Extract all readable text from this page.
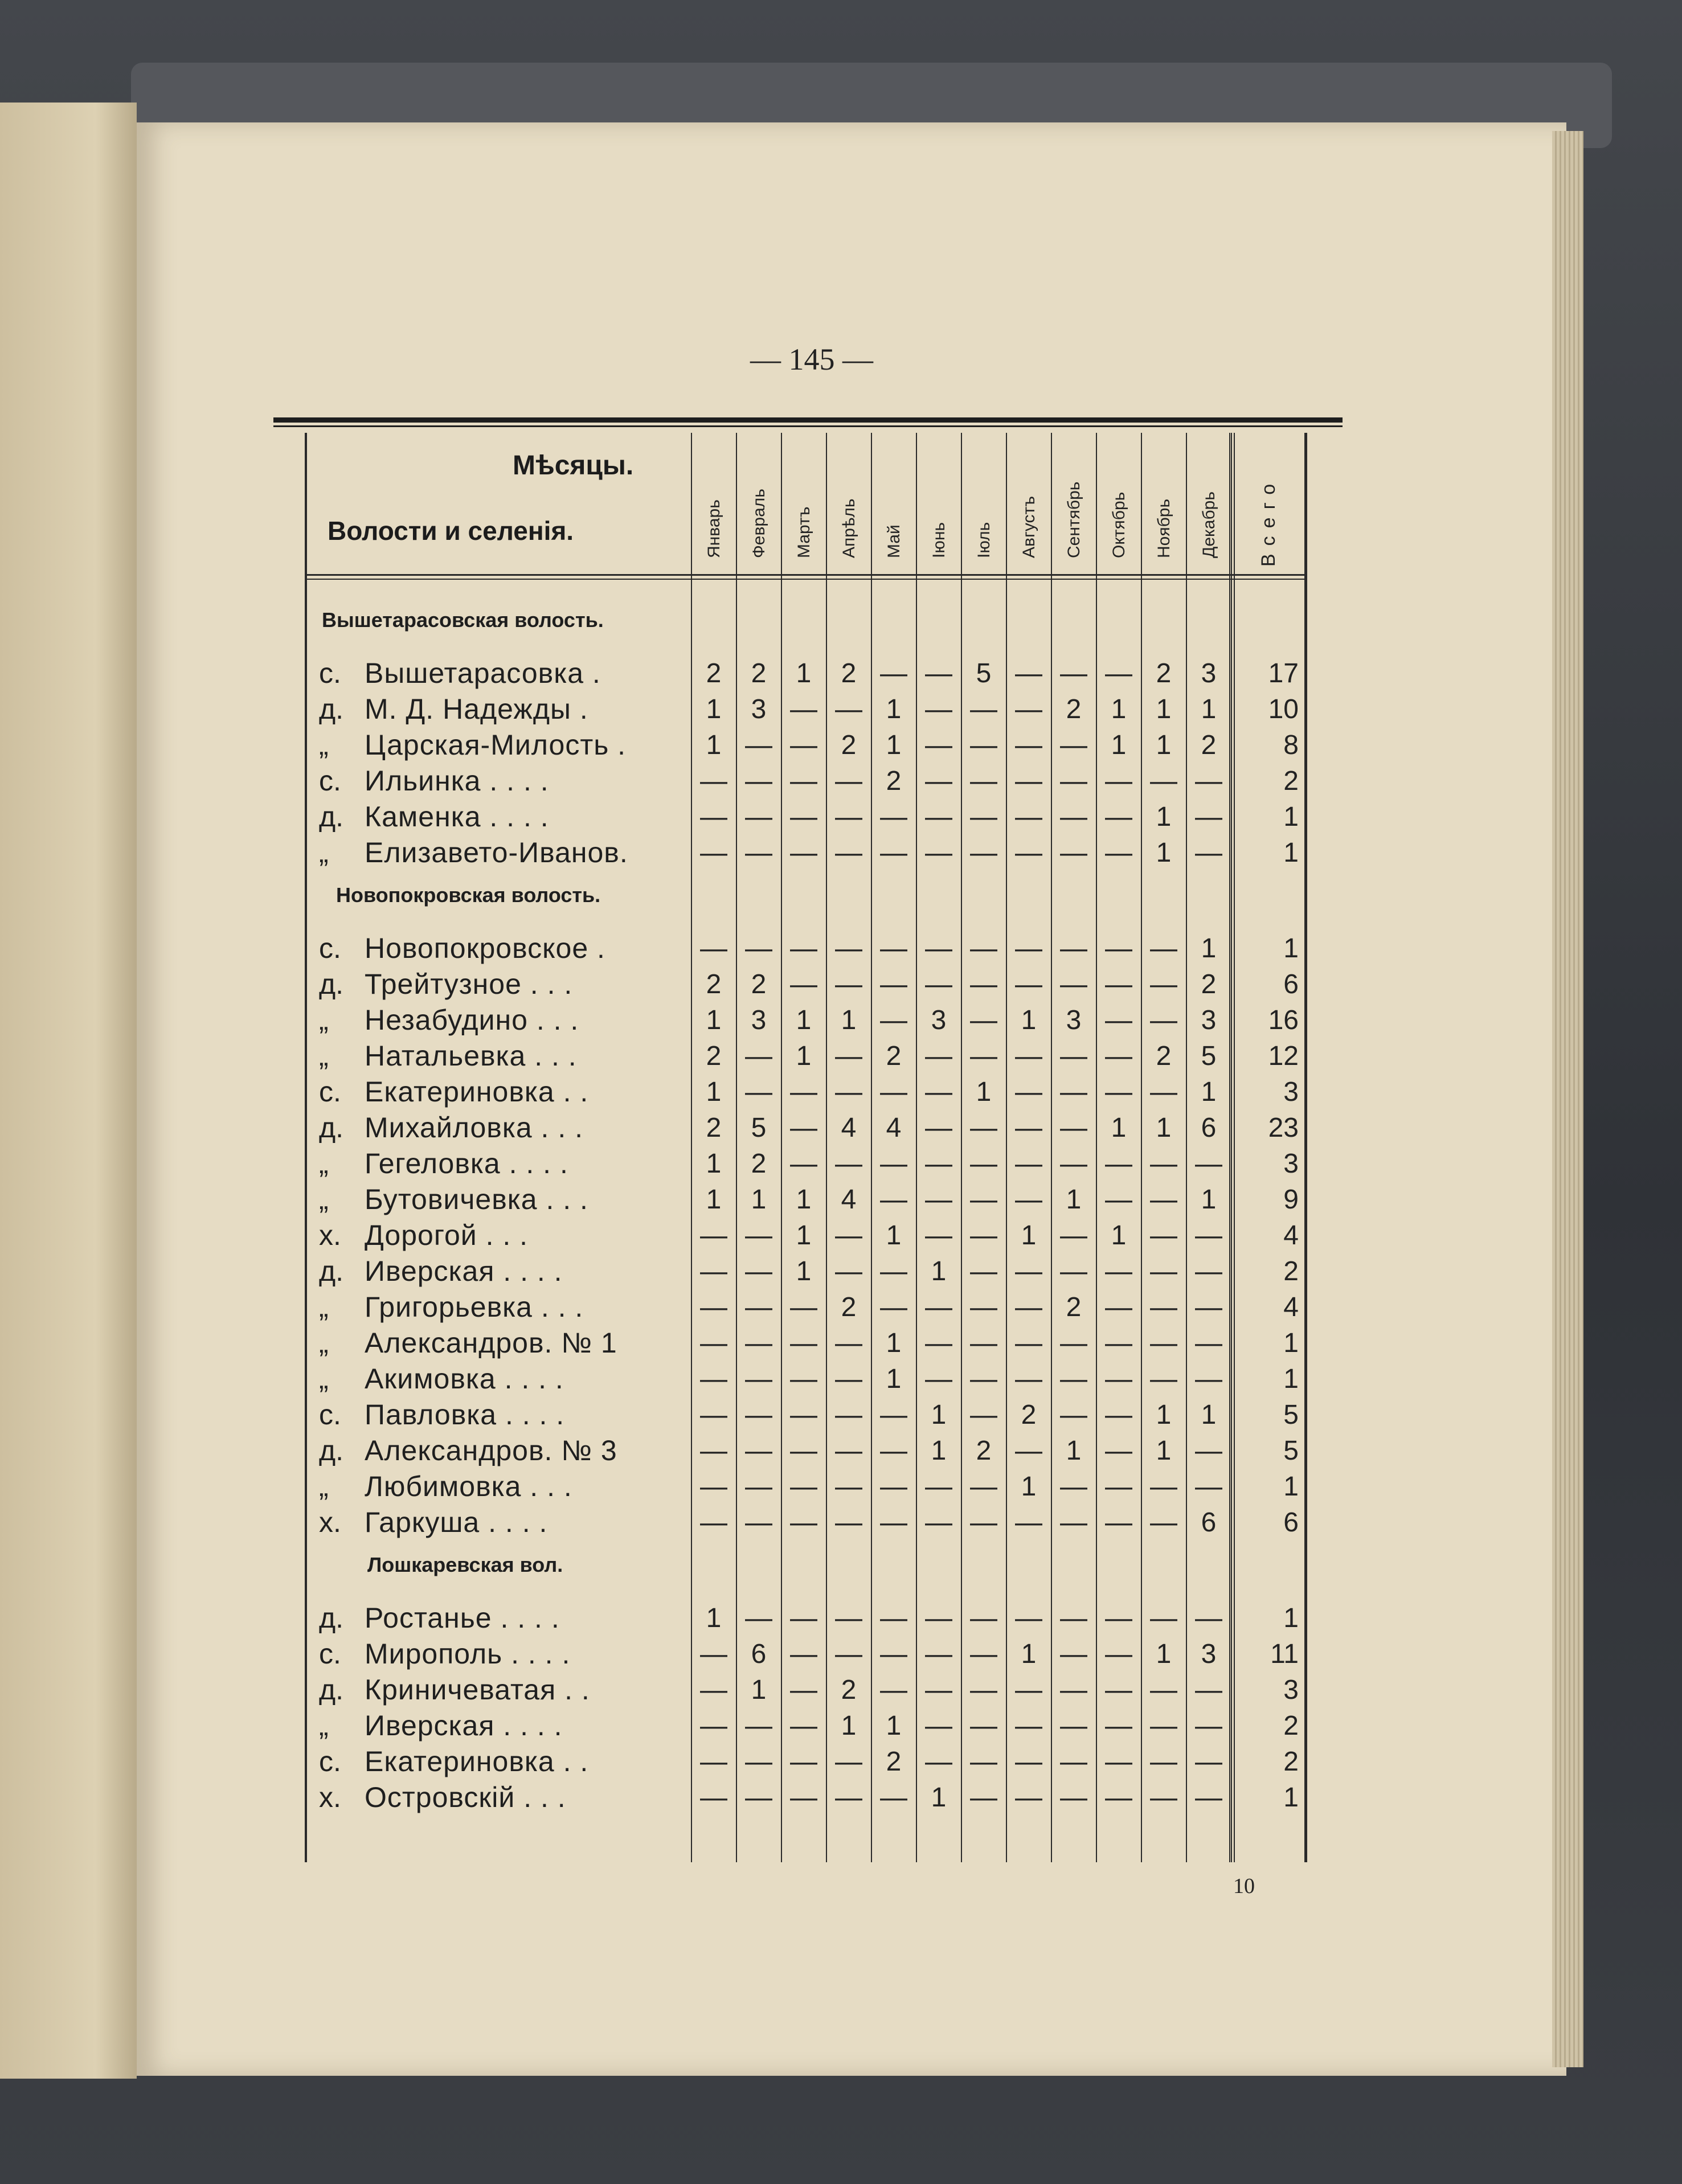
— 145 —
Мѣсяцы.
Волости и селенія.	Всего
Вышетарасовская волость.
с. Вышетарасовка .	2	2	1	2 — — 5 — — — 2	3	17
д. М. Д. Надежды .	1	3 — — 1 — — — 2	1	1	1	10
„ Царская-Милость .	1 — — 2	1 — — — — 1	1	2	8
с. Ильинка . . . .	— — — — 2 — — — — — — —	2
д. Каменка . . . .	— — — — — — — — — — 1 —	1
„ Елизавето-Иванов.	— — — — — — — — — — 1 —	1
Новопокровская волость.
с. Новопокровское .	— — — — — — — — — — — 1	1
д. Трейтузное . . .	2	2 — — — — — — — — — 2	6
„ Незабудино . . .	1	3	1	1 — 3 — 1	3 — — 3	16
„ Натальевка . . .	2 — 1 — 2 — — — — — 2	5	12
с. Екатериновка . .	1 — — — — — 1 — — — — 1	3
д. Михайловка . . .	2	5 — 4	4 — — — — 1	1	6	23
„ Гегеловка . . . .	1	2 — — — — — — — — — —	3
„ Бутовичевка . . .	1	1	1	4 — — — — 1 — — 1	9
х. Дорогой . . .	— — 1 — 1 — — 1 — 1 — —	4
д. Иверская . . . .	— — 1 — — 1 — — — — — —	2
„ Григорьевка . . .	— — — 2 — — — — 2 — — —	4
„ Александров. № 1	— — — — 1 — — — — — — —	1
„ Акимовка . . . .	— — — — 1 — — — — — — —	1
с. Павловка . . . .	— — — — — 1 — 2 — — 1	1	5
д. Александров. № 3	— — — — — 1	2 — 1 — 1 —	5
„ Любимовка . . .	— — — — — — — 1 — — — —	1
х. Гаркуша . . . .	— — — — — — — — — — — 6	6
Лошкаревская вол.
д. Ростанье . . . .	1 — — — — — — — — — — —	1
с. Мирополь . . . .	— 6 — — — — — 1 — — 1	3	11
д. Криничеватая . .	— 1 — 2 — — — — — — — —	3
„ Иверская . . . .	— — — 1	1 — — — — — — —	2
с. Екатериновка . .	— — — — 2 — — — — — — —	2
х. Островскій . . .	— — — — — 1 — — — — — —	1
Январь Февраль Мартъ Апрѣль Май Іюнь Іюль Августъ Сентябрь Октябрь Ноябрь Декабрь
10
